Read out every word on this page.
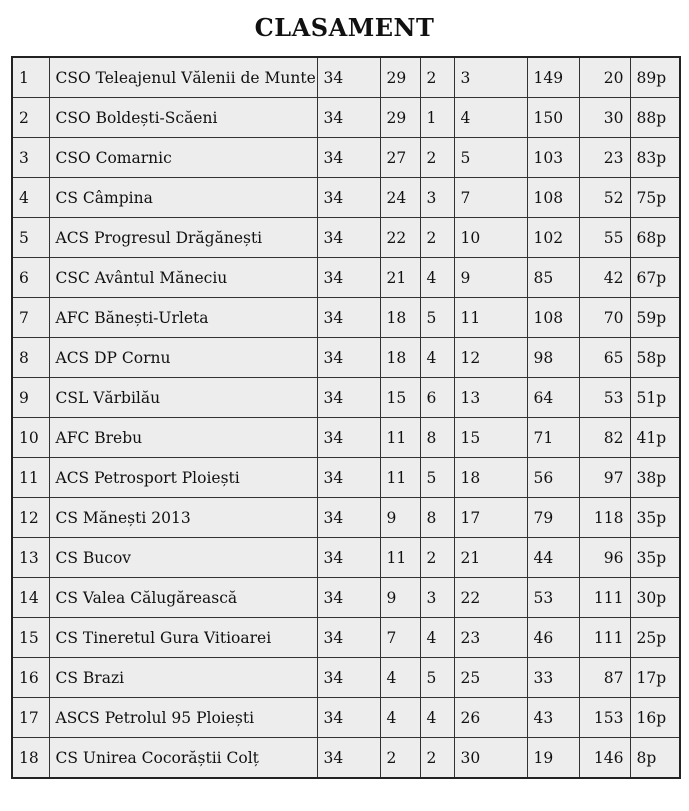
CLASAMENT
1	CSO Teleajenul Vălenii de Munte	34	29	2	3	149	20	89p
2	CSO Boldești-Scăeni	34	29	1	4	150	30	88p
3	CSO Comarnic	34	27	2	5	103	23	83p
4	CS Câmpina	34	24	3	7	108	52	75p
5	ACS Progresul Drăgănești	34	22	2	10	102	55	68p
6	CSC Avântul Măneciu	34	21	4	9	85	42	67p
7	AFC Bănești-Urleta	34	18	5	11	108	70	59p
8	ACS DP Cornu	34	18	4	12	98	65	58p
9	CSL Vărbilău	34	15	6	13	64	53	51p
10	AFC Brebu	34	11	8	15	71	82	41p
11	ACS Petrosport Ploiești	34	11	5	18	56	97	38p
12	CS Mănești 2013	34	9	8	17	79	118	35p
13	CS Bucov	34	11	2	21	44	96	35p
14	CS Valea Călugărească	34	9	3	22	53	111	30p
15	CS Tineretul Gura Vitioarei	34	7	4	23	46	111	25p
16	CS Brazi	34	4	5	25	33	87	17p
17	ASCS Petrolul 95 Ploiești	34	4	4	26	43	153	16p
18	CS Unirea Cocorăștii Colț	34	2	2	30	19	146	8p
